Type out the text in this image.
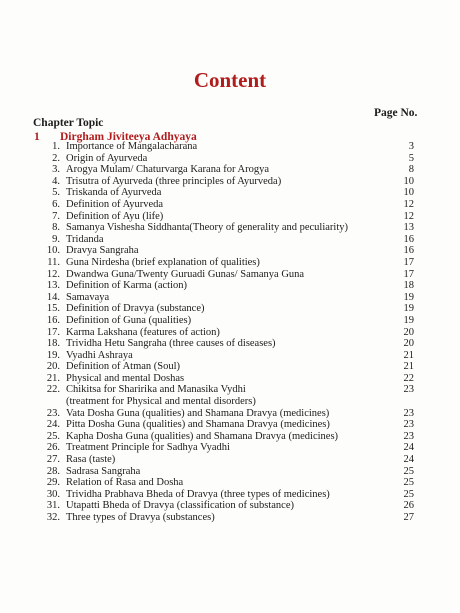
Content
Page No.
Chapter Topic
1 Dirgham Jiviteeya Adhyaya
1. Importance of Mangalacharana	3
2. Origin of Ayurveda	5
3. Arogya Mulam/ Chaturvarga Karana for Arogya	8
4. Trisutra of Ayurveda (three principles of Ayurveda)	10
5. Triskanda of Ayurveda	10
6. Definition of Ayurveda	12
7. Definition of Ayu (life)	12
8. Samanya Vishesha Siddhanta(Theory of generality and peculiarity)	13
9. Tridanda	16
10. Dravya Sangraha	16
11. Guna Nirdesha (brief explanation of qualities)	17
12. Dwandwa Guna/Twenty Guruadi Gunas/ Samanya Guna	17
13. Definition of Karma (action)	18
14. Samavaya	19
15. Definition of Dravya (substance)	19
16. Definition of Guna (qualities)	19
17. Karma Lakshana (features of action)	20
18. Trividha Hetu Sangraha (three causes of diseases)	20
19. Vyadhi Ashraya	21
20. Definition of Atman (Soul)	21
21. Physical and mental Doshas	22
22. Chikitsa for Sharirika and Manasika Vydhi	23
(treatment for Physical and mental disorders)
23. Vata Dosha Guna (qualities) and Shamana Dravya (medicines)	23
24. Pitta Dosha Guna (qualities) and Shamana Dravya (medicines)	23
25. Kapha Dosha Guna (qualities) and Shamana Dravya (medicines)	23
26. Treatment Principle for Sadhya Vyadhi	24
27. Rasa (taste)	24
28. Sadrasa Sangraha	25
29. Relation of Rasa and Dosha	25
30. Trividha Prabhava Bheda of Dravya (three types of medicines)	25
31. Utapatti Bheda of Dravya (classification of substance)	26
32. Three types of Dravya (substances)	27
